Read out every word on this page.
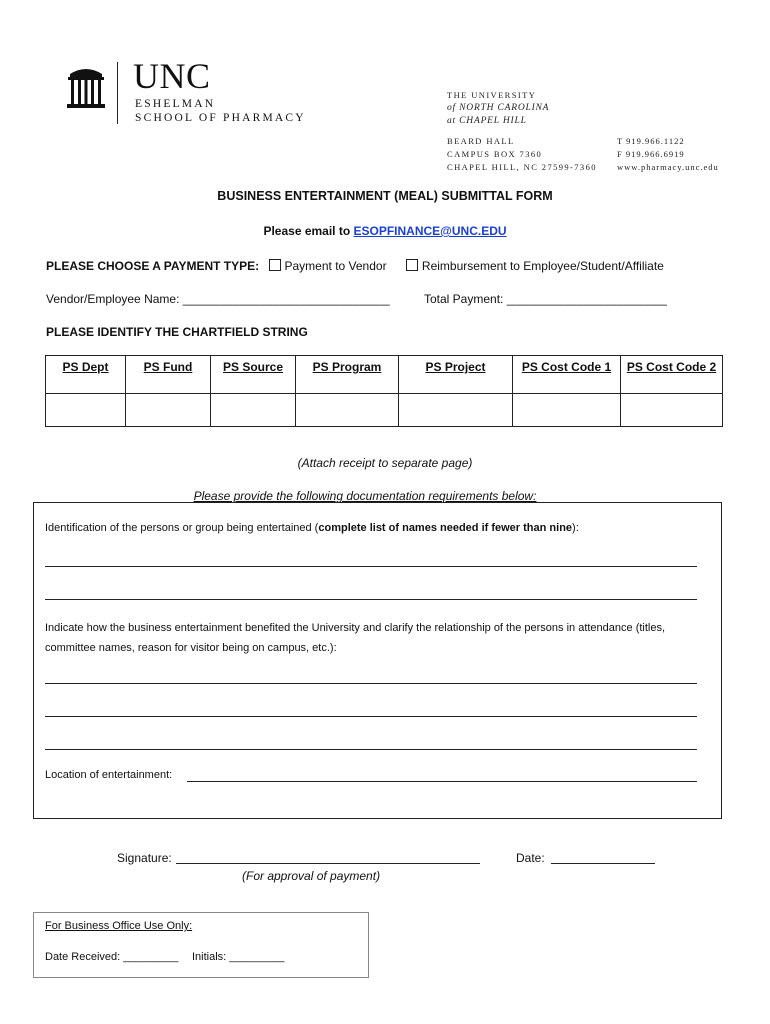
UNC
ESHELMAN
SCHOOL OF PHARMACY
THE UNIVERSITY
of NORTH CAROLINA
at CHAPEL HILL
BEARD HALL
CAMPUS BOX 7360
CHAPEL HILL, NC 27599-7360
T 919.966.1122
F 919.966.6919
www.pharmacy.unc.edu
BUSINESS ENTERTAINMENT (MEAL) SUBMITTAL FORM
Please email to ESOPFINANCE@UNC.EDU
PLEASE CHOOSE A PAYMENT TYPE: Payment to Vendor	Reimbursement to Employee/Student/Affiliate
Vendor/Employee Name: _______________________________	Total Payment: ________________________
PLEASE IDENTIFY THE CHARTFIELD STRING
PS Dept	PS Fund	PS Source	PS Program	PS Project	PS Cost Code 1	PS Cost Code 2

(Attach receipt to separate page)
Please provide the following documentation requirements below:
Identification of the persons or group being entertained (complete list of names needed if fewer than nine):
Indicate how the business entertainment benefited the University and clarify the relationship of the persons in attendance (titles,
committee names, reason for visitor being on campus, etc.):
Location of entertainment:
Signature:	Date:
(For approval of payment)
For Business Office Use Only:
Date Received: _________ Initials: _________
